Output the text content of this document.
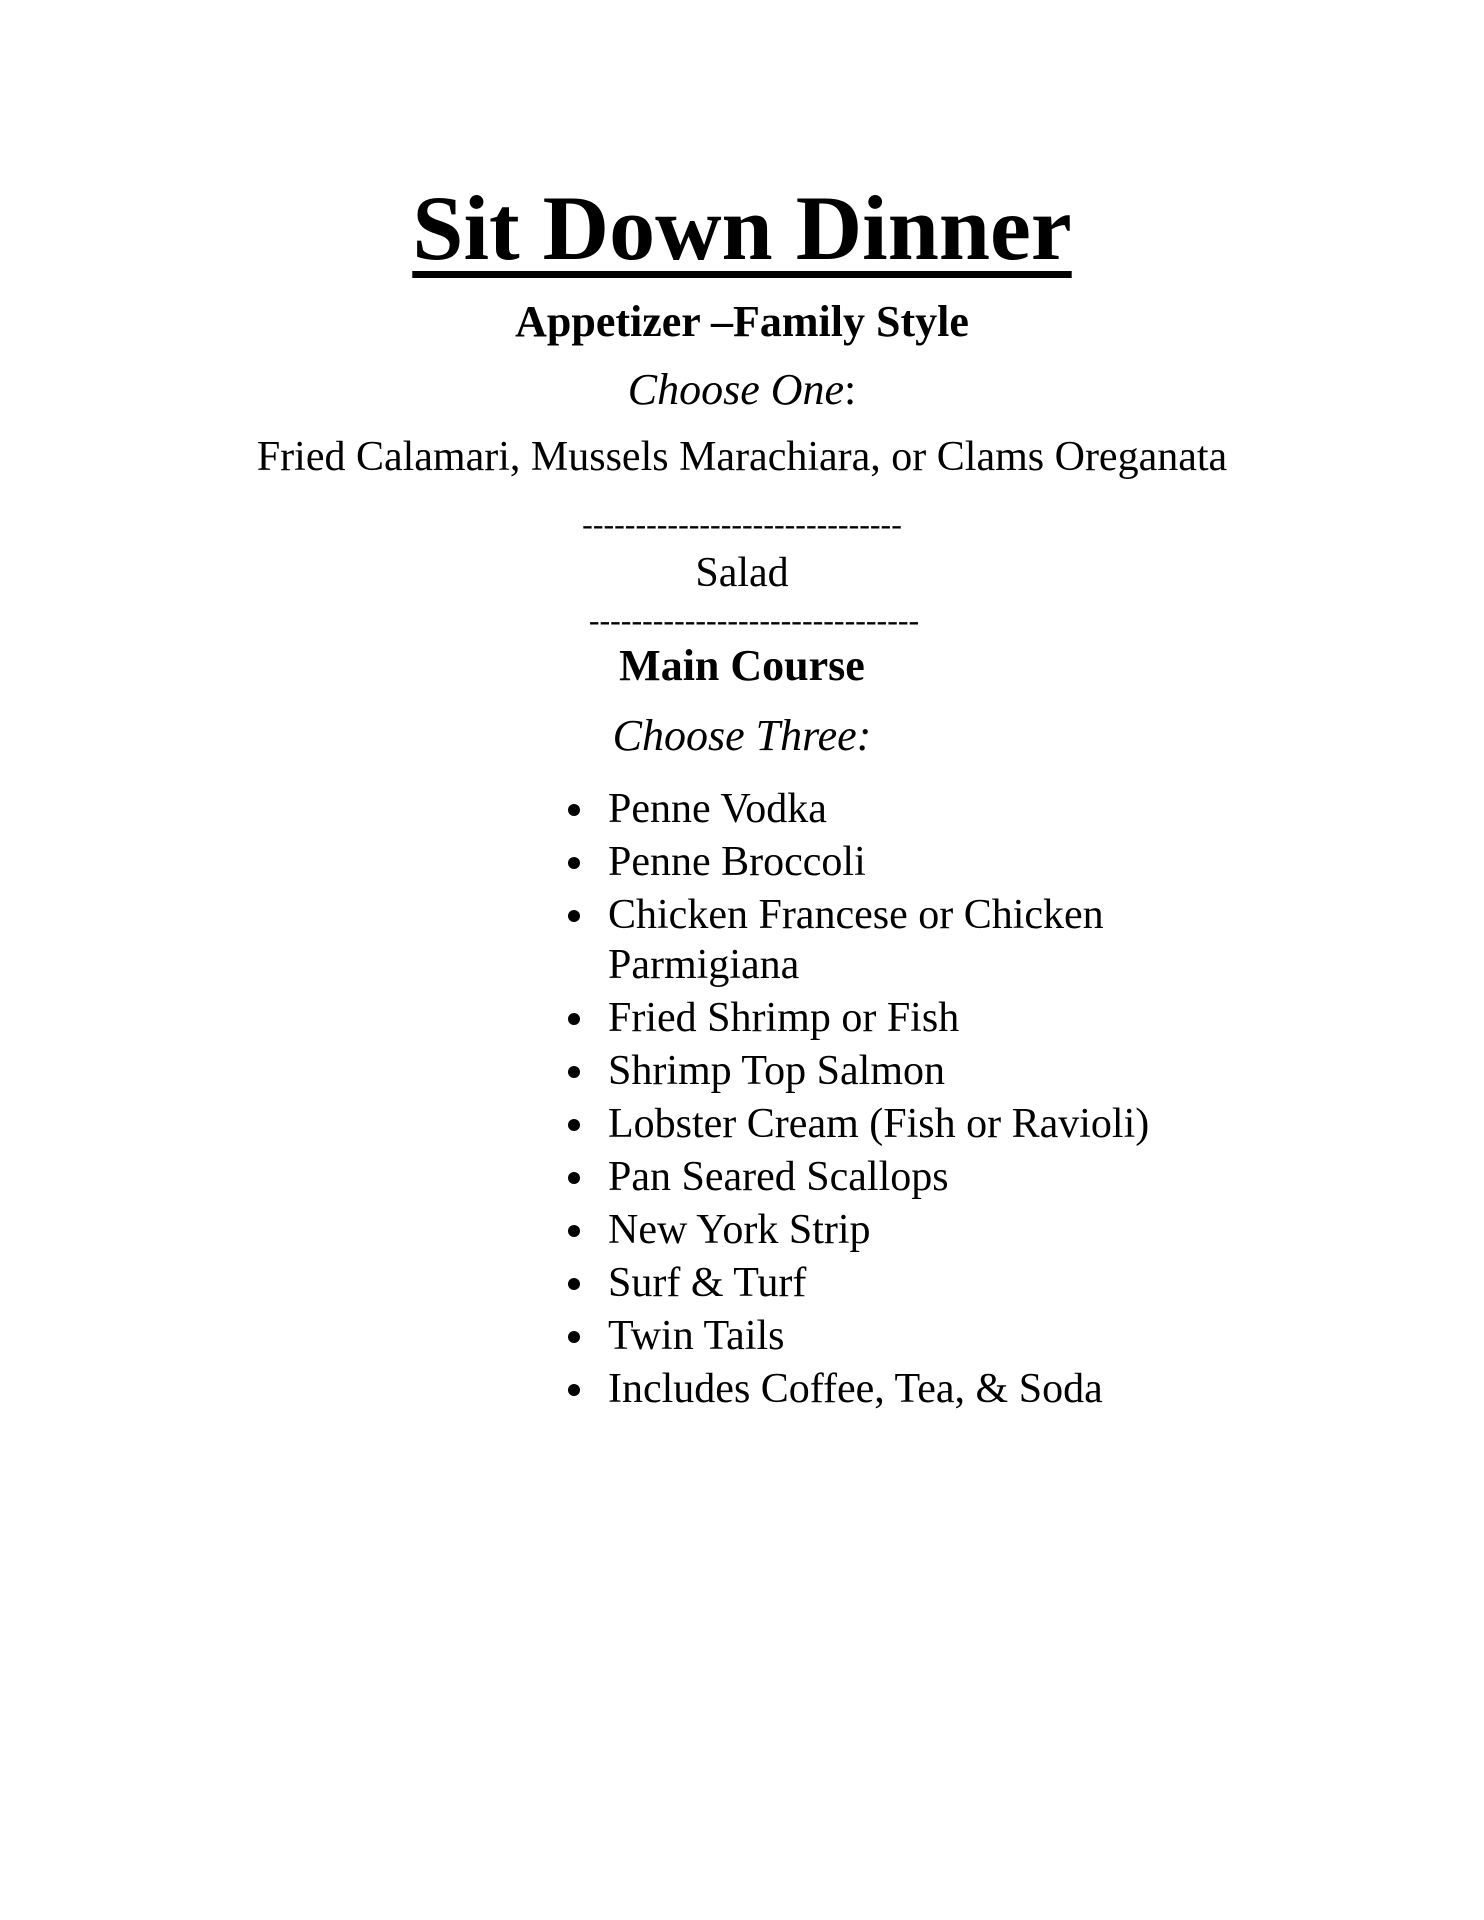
Sit Down Dinner
Appetizer –Family Style
Choose One:
Fried Calamari, Mussels Marachiara, or Clams Oreganata
------------------------------
Salad
-------------------------------
Main Course
Choose Three:
Penne Vodka
Penne Broccoli
Chicken Francese or Chicken Parmigiana
Fried Shrimp or Fish
Shrimp Top Salmon
Lobster Cream (Fish or Ravioli)
Pan Seared Scallops
New York Strip
Surf & Turf
Twin Tails
Includes Coffee, Tea, & Soda
